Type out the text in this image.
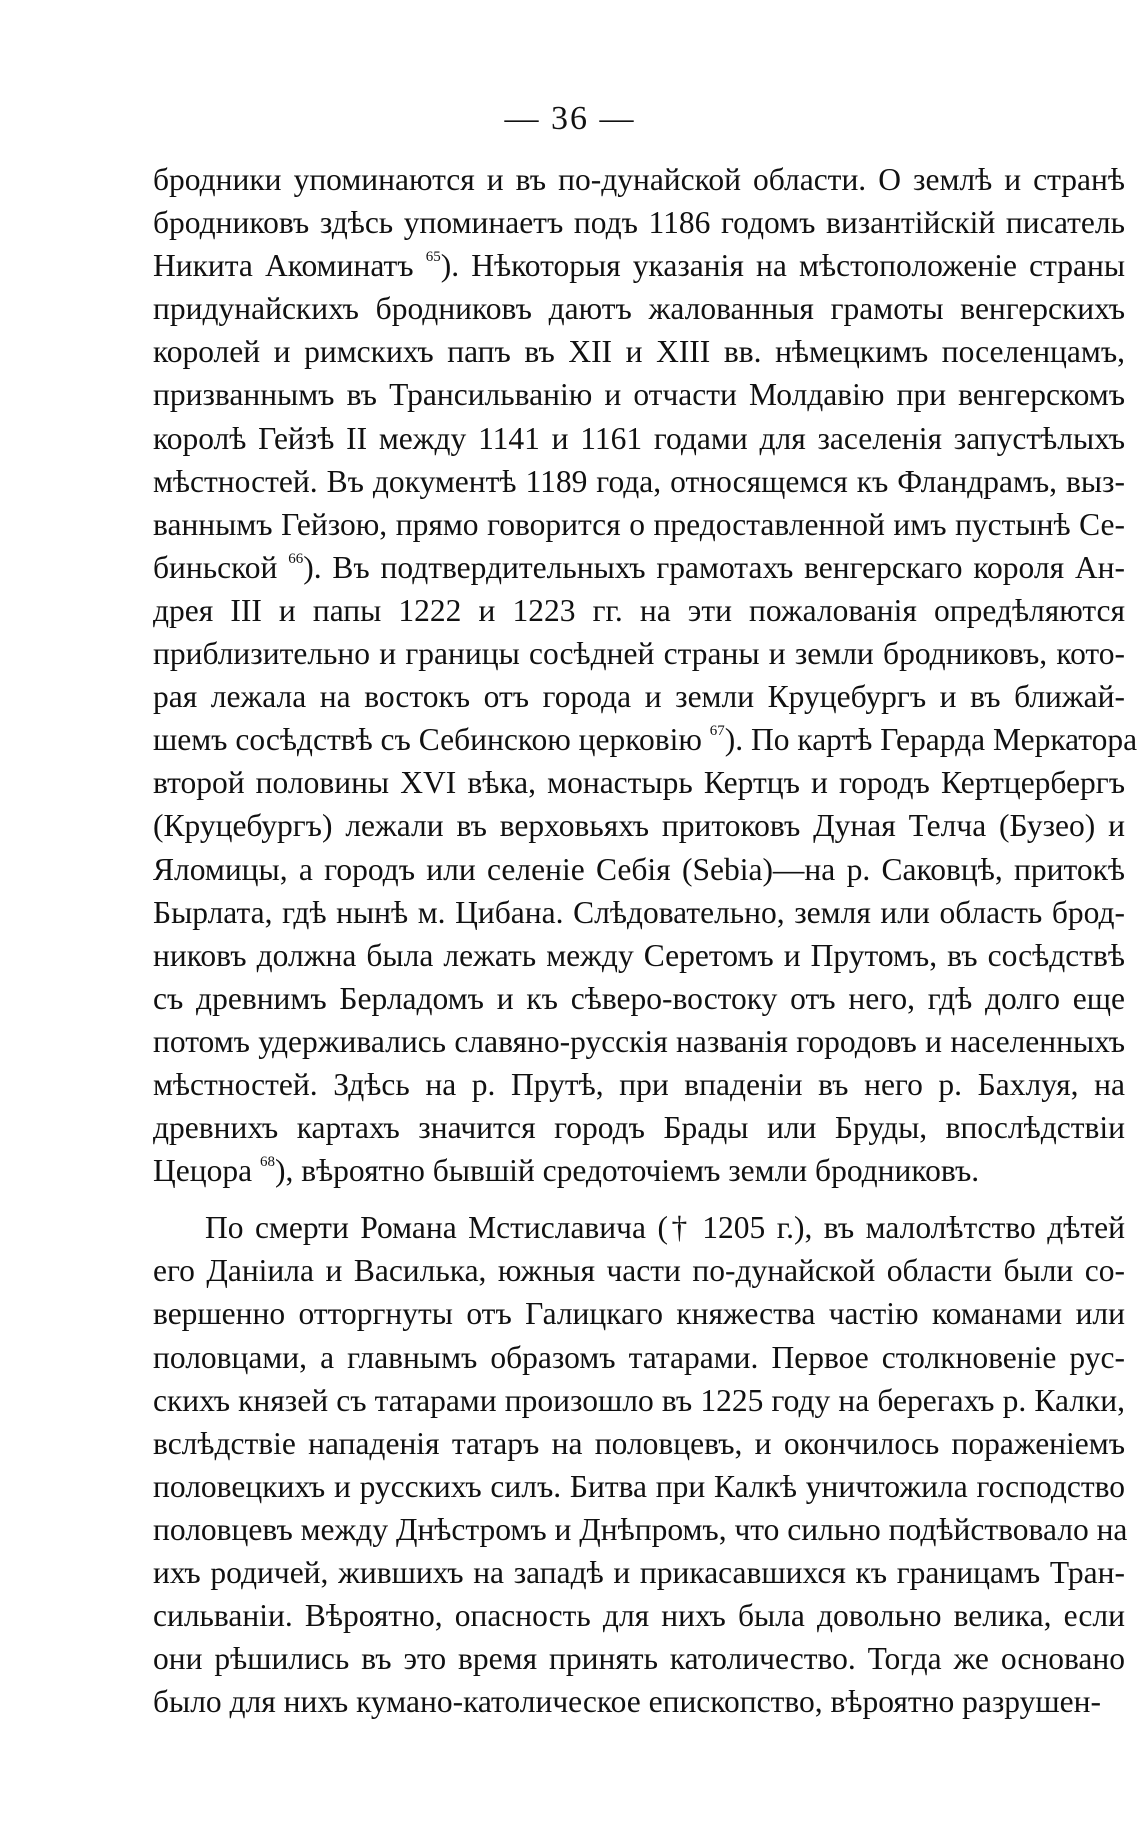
— 36 —
бродники упоминаются и въ по-дунайской области. О землѣ и странѣ
бродниковъ здѣсь упоминаетъ подъ 1186 годомъ византійскій писатель
Никита Акоминатъ $^{65}$). Нѣкоторыя указанія на мѣстоположеніе страны
придунайскихъ бродниковъ даютъ жалованныя грамоты венгерскихъ
королей и римскихъ папъ въ XII и XIII вв. нѣмецкимъ поселенцамъ,
призваннымъ въ Трансильванію и отчасти Молдавію при венгерскомъ
королѣ Гейзѣ II между 1141 и 1161 годами для заселенія запустѣлыхъ
мѣстностей. Въ документѣ 1189 года, относящемся къ Фландрамъ, выз-
ваннымъ Гейзою, прямо говорится о предоставленной имъ пустынѣ Се-
биньской $^{66}$). Въ подтвердительныхъ грамотахъ венгерскаго короля Ан-
дрея III и папы 1222 и 1223 гг. на эти пожалованія опредѣляются
приблизительно и границы сосѣдней страны и земли бродниковъ, кото-
рая лежала на востокъ отъ города и земли Круцебургъ и въ ближай-
шемъ сосѣдствѣ съ Себинскою церковію $^{67}$). По картѣ Герарда Меркатора
второй половины XVI вѣка, монастырь Кертцъ и городъ Кертцербергъ
(Круцебургъ) лежали въ верховьяхъ притоковъ Дуная Телча (Бузео) и
Яломицы, а городъ или селеніе Себія (Sebia)—на р. Саковцѣ, притокѣ
Бырлата, гдѣ нынѣ м. Цибана. Слѣдовательно, земля или область брод-
никовъ должна была лежать между Серетомъ и Прутомъ, въ сосѣдствѣ
съ древнимъ Берладомъ и къ сѣверо-востоку отъ него, гдѣ долго еще
потомъ удерживались славяно-русскія названія городовъ и населенныхъ
мѣстностей. Здѣсь на р. Прутѣ, при впаденіи въ него р. Бахлуя, на
древнихъ картахъ значится городъ Брады или Бруды, впослѣдствіи
Цецора $^{68}$), вѣроятно бывшій средоточіемъ земли бродниковъ.
По смерти Романа Мстиславича († 1205 г.), въ малолѣтство дѣтей
его Даніила и Василька, южныя части по-дунайской области были со-
вершенно отторгнуты отъ Галицкаго княжества частію команами или
половцами, а главнымъ образомъ татарами. Первое столкновеніе рус-
скихъ князей съ татарами произошло въ 1225 году на берегахъ р. Калки,
вслѣдствіе нападенія татаръ на половцевъ, и окончилось пораженіемъ
половецкихъ и русскихъ силъ. Битва при Калкѣ уничтожила господство
половцевъ между Днѣстромъ и Днѣпромъ, что сильно подѣйствовало на
ихъ родичей, жившихъ на западѣ и прикасавшихся къ границамъ Тран-
сильваніи. Вѣроятно, опасность для нихъ была довольно велика, если
они рѣшились въ это время принять католичество. Тогда же основано
было для нихъ кумано-католическое епископство, вѣроятно разрушен-
